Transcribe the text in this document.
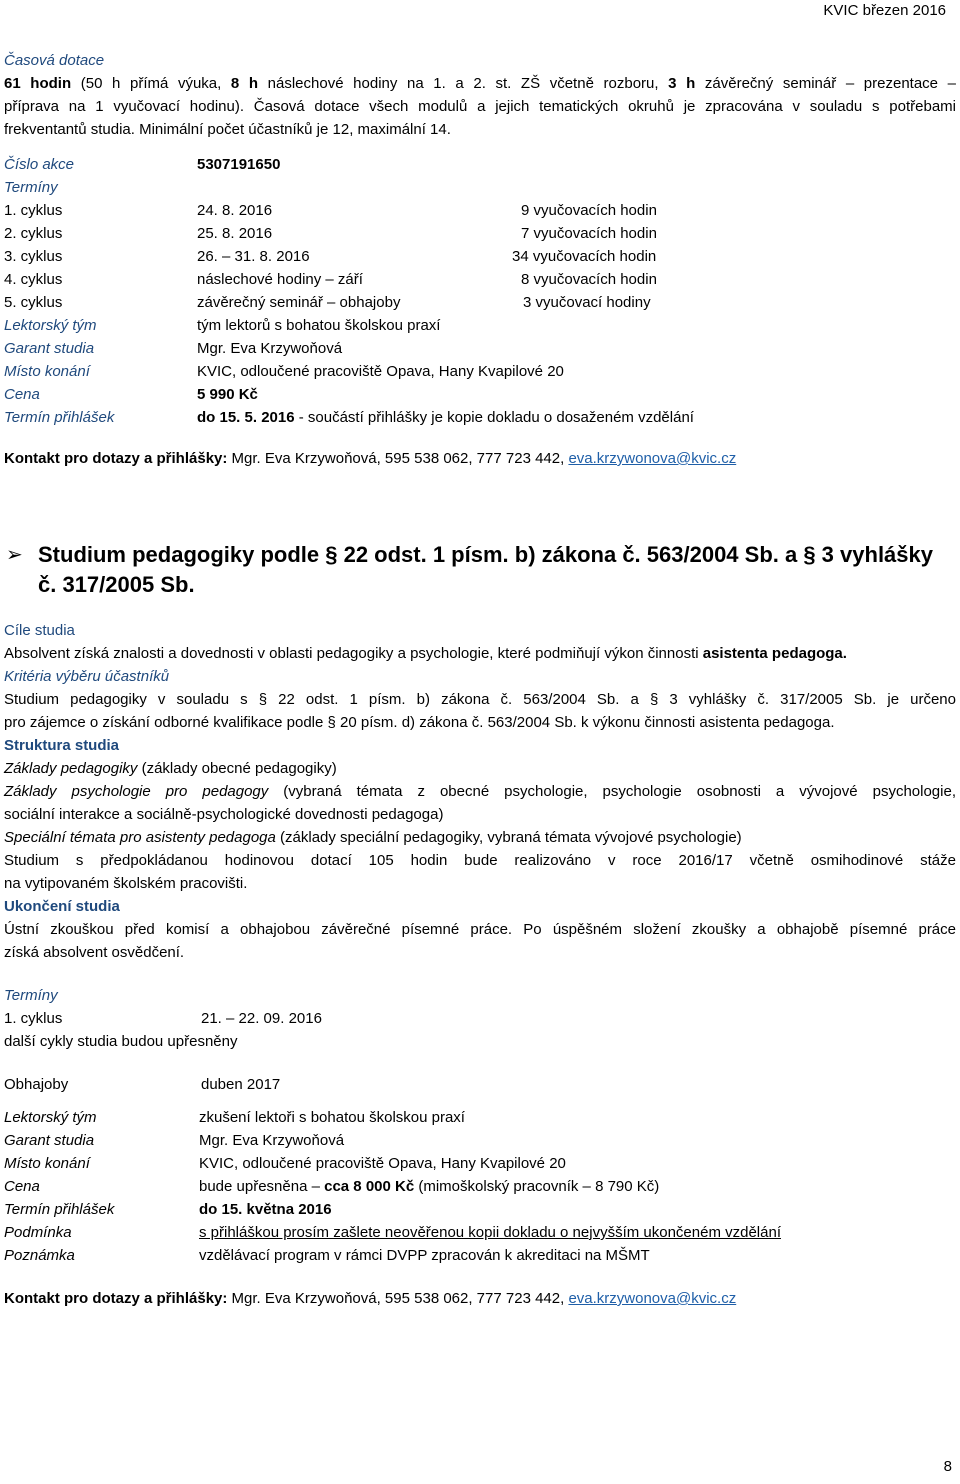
KVIC březen 2016
Časová dotace
61 hodin (50 h přímá výuka, 8 h náslechové hodiny na 1. a 2. st. ZŠ včetně rozboru, 3 h závěrečný seminář – prezentace –
příprava na 1 vyučovací hodinu). Časová dotace všech modulů a jejich tematických okruhů je zpracována v souladu s potřebami
frekventantů studia. Minimální počet účastníků je 12, maximální 14.
Číslo akce	5307191650
Termíny
1. cyklus	24. 8. 2016	9 vyučovacích hodin
2. cyklus	25. 8. 2016	7 vyučovacích hodin
3. cyklus	26. – 31. 8. 2016	34 vyučovacích hodin
4. cyklus	náslechové hodiny – září	8 vyučovacích hodin
5. cyklus	závěrečný seminář – obhajoby	3 vyučovací hodiny
Lektorský tým	tým lektorů s bohatou školskou praxí
Garant studia	Mgr. Eva Krzywoňová
Místo konání	KVIC, odloučené pracoviště Opava, Hany Kvapilové 20
Cena	5 990 Kč
Termín přihlášek	do 15. 5. 2016 - součástí přihlášky je kopie dokladu o dosaženém vzdělání
Kontakt pro dotazy a přihlášky: Mgr. Eva Krzywoňová, 595 538 062, 777 723 442, eva.krzywonova@kvic.cz
➢ Studium pedagogiky podle § 22 odst. 1 písm. b) zákona č. 563/2004 Sb. a § 3 vyhlášky
č. 317/2005 Sb.
Cíle studia
Absolvent získá znalosti a dovednosti v oblasti pedagogiky a psychologie, které podmiňují výkon činnosti asistenta pedagoga.
Kritéria výběru účastníků
Studium pedagogiky v souladu s § 22 odst. 1 písm. b) zákona č. 563/2004 Sb. a § 3 vyhlášky č. 317/2005 Sb. je určeno
pro zájemce o získání odborné kvalifikace podle § 20 písm. d) zákona č. 563/2004 Sb. k výkonu činnosti asistenta pedagoga.
Struktura studia
Základy pedagogiky (základy obecné pedagogiky)
Základy psychologie pro pedagogy (vybraná témata z obecné psychologie, psychologie osobnosti a vývojové psychologie,
sociální interakce a sociálně-psychologické dovednosti pedagoga)
Speciální témata pro asistenty pedagoga (základy speciální pedagogiky, vybraná témata vývojové psychologie)
Studium s předpokládanou hodinovou dotací 105 hodin bude realizováno v roce 2016/17 včetně osmihodinové stáže
na vytipovaném školském pracovišti.
Ukončení studia
Ústní zkouškou před komisí a obhajobou závěrečné písemné práce. Po úspěšném složení zkoušky a obhajobě písemné práce
získá absolvent osvědčení.
Termíny
1. cyklus	21. – 22. 09. 2016
další cykly studia budou upřesněny
Obhajoby	duben 2017
Lektorský tým	zkušení lektoři s bohatou školskou praxí
Garant studia	Mgr. Eva Krzywoňová
Místo konání	KVIC, odloučené pracoviště Opava, Hany Kvapilové 20
Cena	bude upřesněna – cca 8 000 Kč (mimoškolský pracovník – 8 790 Kč)
Termín přihlášek	do 15. května 2016
Podmínka	s přihláškou prosím zašlete neověřenou kopii dokladu o nejvyšším ukončeném vzdělání
Poznámka	vzdělávací program v rámci DVPP zpracován k akreditaci na MŠMT
Kontakt pro dotazy a přihlášky: Mgr. Eva Krzywoňová, 595 538 062, 777 723 442, eva.krzywonova@kvic.cz
8
